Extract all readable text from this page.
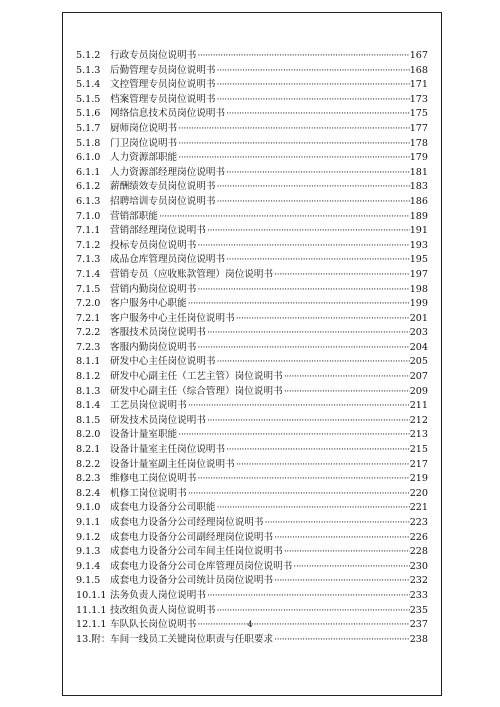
5.1.2 行政专员岗位说明书 ·····	167
5.1.3 后勤管理专员岗位说明书 ·····	168
5.1.4 文控管理专员岗位说明书 ·····	171
5.1.5 档案管理专员岗位说明书 ·····	173
5.1.6 网络信息技术员岗位说明书 ·····	175
5.1.7 厨师岗位说明书 ·····	177
5.1.8 门卫岗位说明书 ·····	178
6.1.0 人力资源部职能 ·····	179
6.1.1 人力资源部经理岗位说明书 ·····	181
6.1.2 薪酬绩效专员岗位说明书 ·····	183
6.1.3 招聘培训专员岗位说明书 ·····	186
7.1.0 营销部职能 ·····	189
7.1.1 营销部经理岗位说明书 ·····	191
7.1.2 投标专员岗位说明书 ·····	193
7.1.3 成品仓库管理员岗位说明书 ·····	195
7.1.4 营销专员（应收账款管理）岗位说明书 ·····	197
7.1.5 营销内勤岗位说明书 ·····	198
7.2.0 客户服务中心职能 ·····	199
7.2.1 客户服务中心主任岗位说明书 ·····	201
7.2.2 客服技术员岗位说明书 ·····	203
7.2.3 客服内勤岗位说明书 ·····	204
8.1.1 研发中心主任岗位说明书 ·····	205
8.1.2 研发中心副主任（工艺主管）岗位说明书 ·····	207
8.1.3 研发中心副主任（综合管理）岗位说明书 ·····	209
8.1.4 工艺员岗位说明书 ·····	211
8.1.5 研发技术员岗位说明书 ·····	212
8.2.0 设备计量室职能 ·····	213
8.2.1 设备计量室主任岗位说明书 ·····	215
8.2.2 设备计量室副主任岗位说明书 ·····	217
8.2.3 维修电工岗位说明书 ·····	219
8.2.4 机修工岗位说明书 ·····	220
9.1.0 成套电力设备分公司职能 ·····	221
9.1.1 成套电力设备分公司经理岗位说明书 ·····	223
9.1.2 成套电力设备分公司副经理岗位说明书 ·····	226
9.1.3 成套电力设备分公司车间主任岗位说明书 ·····	228
9.1.4 成套电力设备分公司仓库管理员岗位说明书 ·····	230
9.1.5 成套电力设备分公司统计员岗位说明书 ·····	232
10.1.1 法务负责人岗位说明书 ·····	233
11.1.1 技改组负责人岗位说明书 ·····	235
12.1.1 车队队长岗位说明书 ·····	237
13.附： 车间一线员工关键岗位职责与任职要求 ·····	238
4
